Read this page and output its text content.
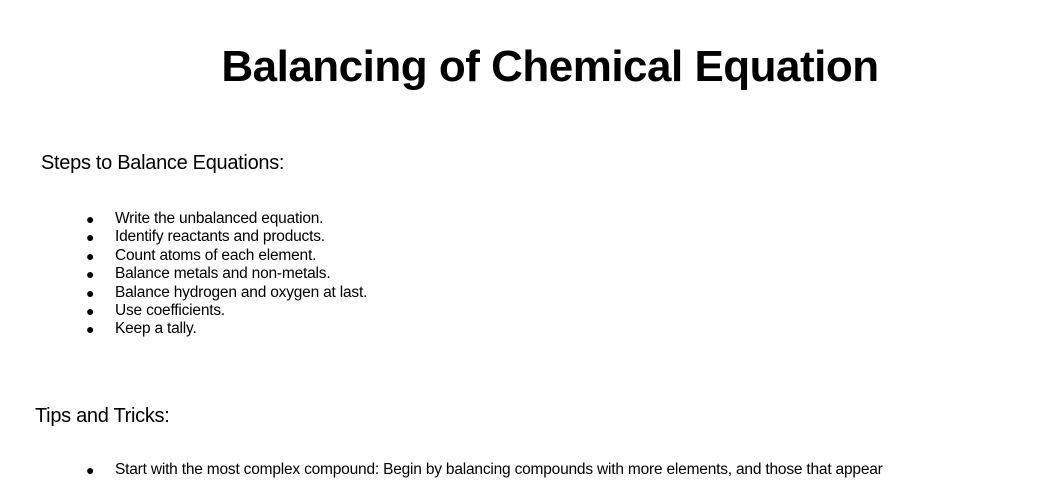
Balancing of Chemical Equation

Steps to Balance Equations:

● Write the unbalanced equation.
● Identify reactants and products.
● Count atoms of each element.
● Balance metals and non-metals.
● Balance hydrogen and oxygen at last.
● Use coefficients.
● Keep a tally.

Tips and Tricks:

● Start with the most complex compound: Begin by balancing compounds with more elements, and those that appear
